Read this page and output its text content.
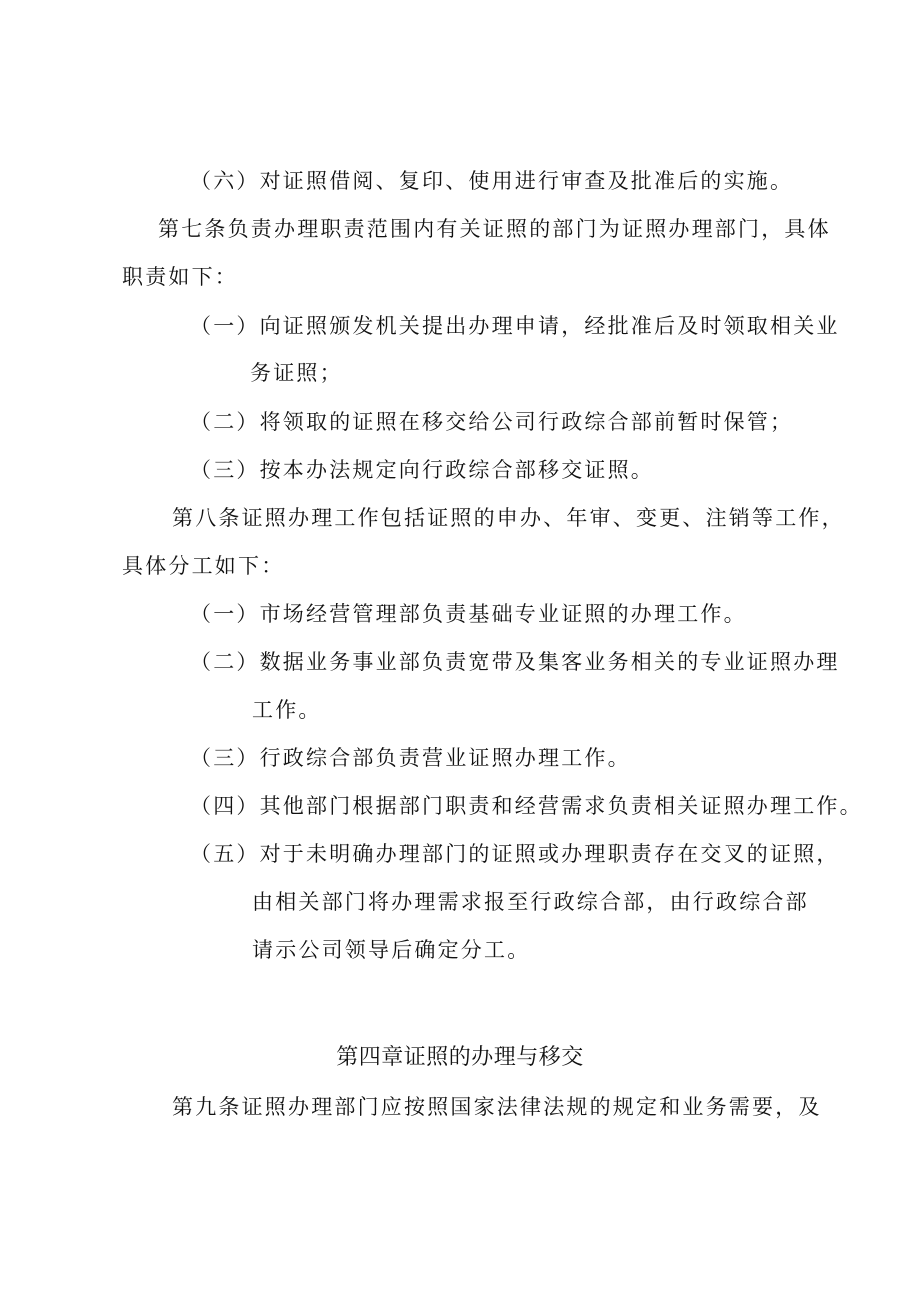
（六）对证照借阅、复印、使用进行审查及批准后的实施。
第七条负责办理职责范围内有关证照的部门为证照办理部门，具体
职责如下：
（一）向证照颁发机关提出办理申请，经批准后及时领取相关业
务证照；
（二）将领取的证照在移交给公司行政综合部前暂时保管；
（三）按本办法规定向行政综合部移交证照。
第八条证照办理工作包括证照的申办、年审、变更、注销等工作，
具体分工如下：
（一）市场经营管理部负责基础专业证照的办理工作。
（二）数据业务事业部负责宽带及集客业务相关的专业证照办理
工作。
（三）行政综合部负责营业证照办理工作。
（四）其他部门根据部门职责和经营需求负责相关证照办理工作。
（五）对于未明确办理部门的证照或办理职责存在交叉的证照，
由相关部门将办理需求报至行政综合部，由行政综合部
请示公司领导后确定分工。
第四章证照的办理与移交
第九条证照办理部门应按照国家法律法规的规定和业务需要，及
